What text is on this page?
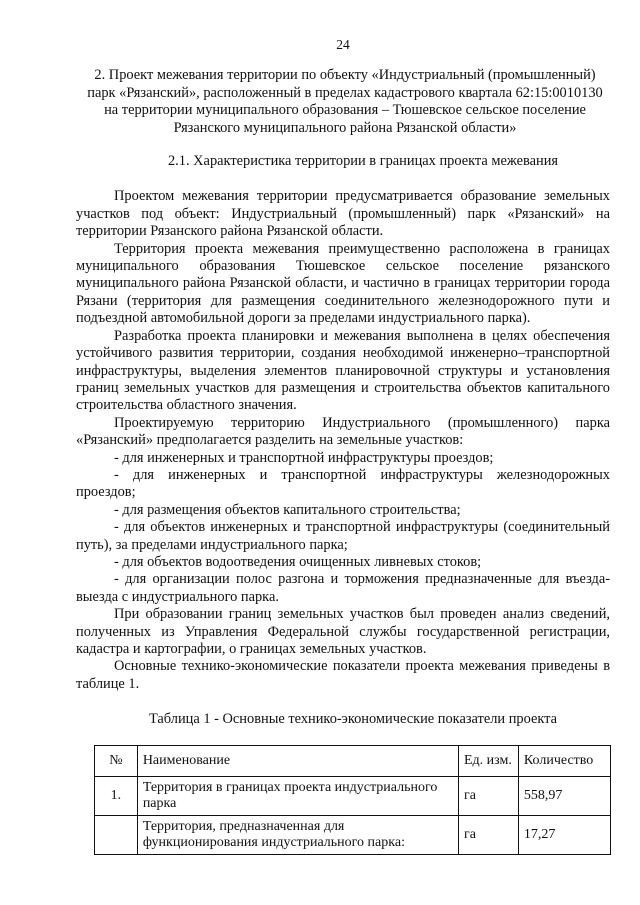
24
2. Проект межевания территории по объекту «Индустриальный (промышленный) парк «Рязанский», расположенный в пределах кадастрового квартала 62:15:0010130 на территории муниципального образования – Тюшевское сельское поселение Рязанского муниципального района Рязанской области»
2.1. Характеристика территории в границах проекта межевания

Проектом межевания территории предусматривается образование земельных участков под объект: Индустриальный (промышленный) парк «Рязанский» на территории Рязанского района Рязанской области.

Территория проекта межевания преимущественно расположена в границах муниципального образования Тюшевское сельское поселение рязанского муниципального района Рязанской области, и частично в границах территории города Рязани (территория для размещения соединительного железнодорожного пути и подъездной автомобильной дороги за пределами индустриального парка).

Разработка проекта планировки и межевания выполнена в целях обеспечения устойчивого развития территории, создания необходимой инженерно–транспортной инфраструктуры, выделения элементов планировочной структуры и установления границ земельных участков для размещения и строительства объектов капитального строительства областного значения.

Проектируемую территорию Индустриального (промышленного) парка «Рязанский» предполагается разделить на земельные участков:

- для инженерных и транспортной инфраструктуры проездов;
- для инженерных и транспортной инфраструктуры железнодорожных проездов;
- для размещения объектов капитального строительства;
- для объектов инженерных и транспортной инфраструктуры (соединительный путь), за пределами индустриального парка;
- для объектов водоотведения очищенных ливневых стоков;
- для организации полос разгона и торможения предназначенные для въезда-выезда с индустриального парка.

При образовании границ земельных участков был проведен анализ сведений, полученных из Управления Федеральной службы государственной регистрации, кадастра и картографии, о границах земельных участков.

Основные технико-экономические показатели проекта межевания приведены в таблице 1.

Таблица 1 - Основные технико-экономические показатели проекта
№	Наименование	Ед. изм.	Количество
1.	Территория в границах проекта индустриального парка	га	558,97
	Территория, предназначенная для функционирования индустриального парка:	га	17,27
